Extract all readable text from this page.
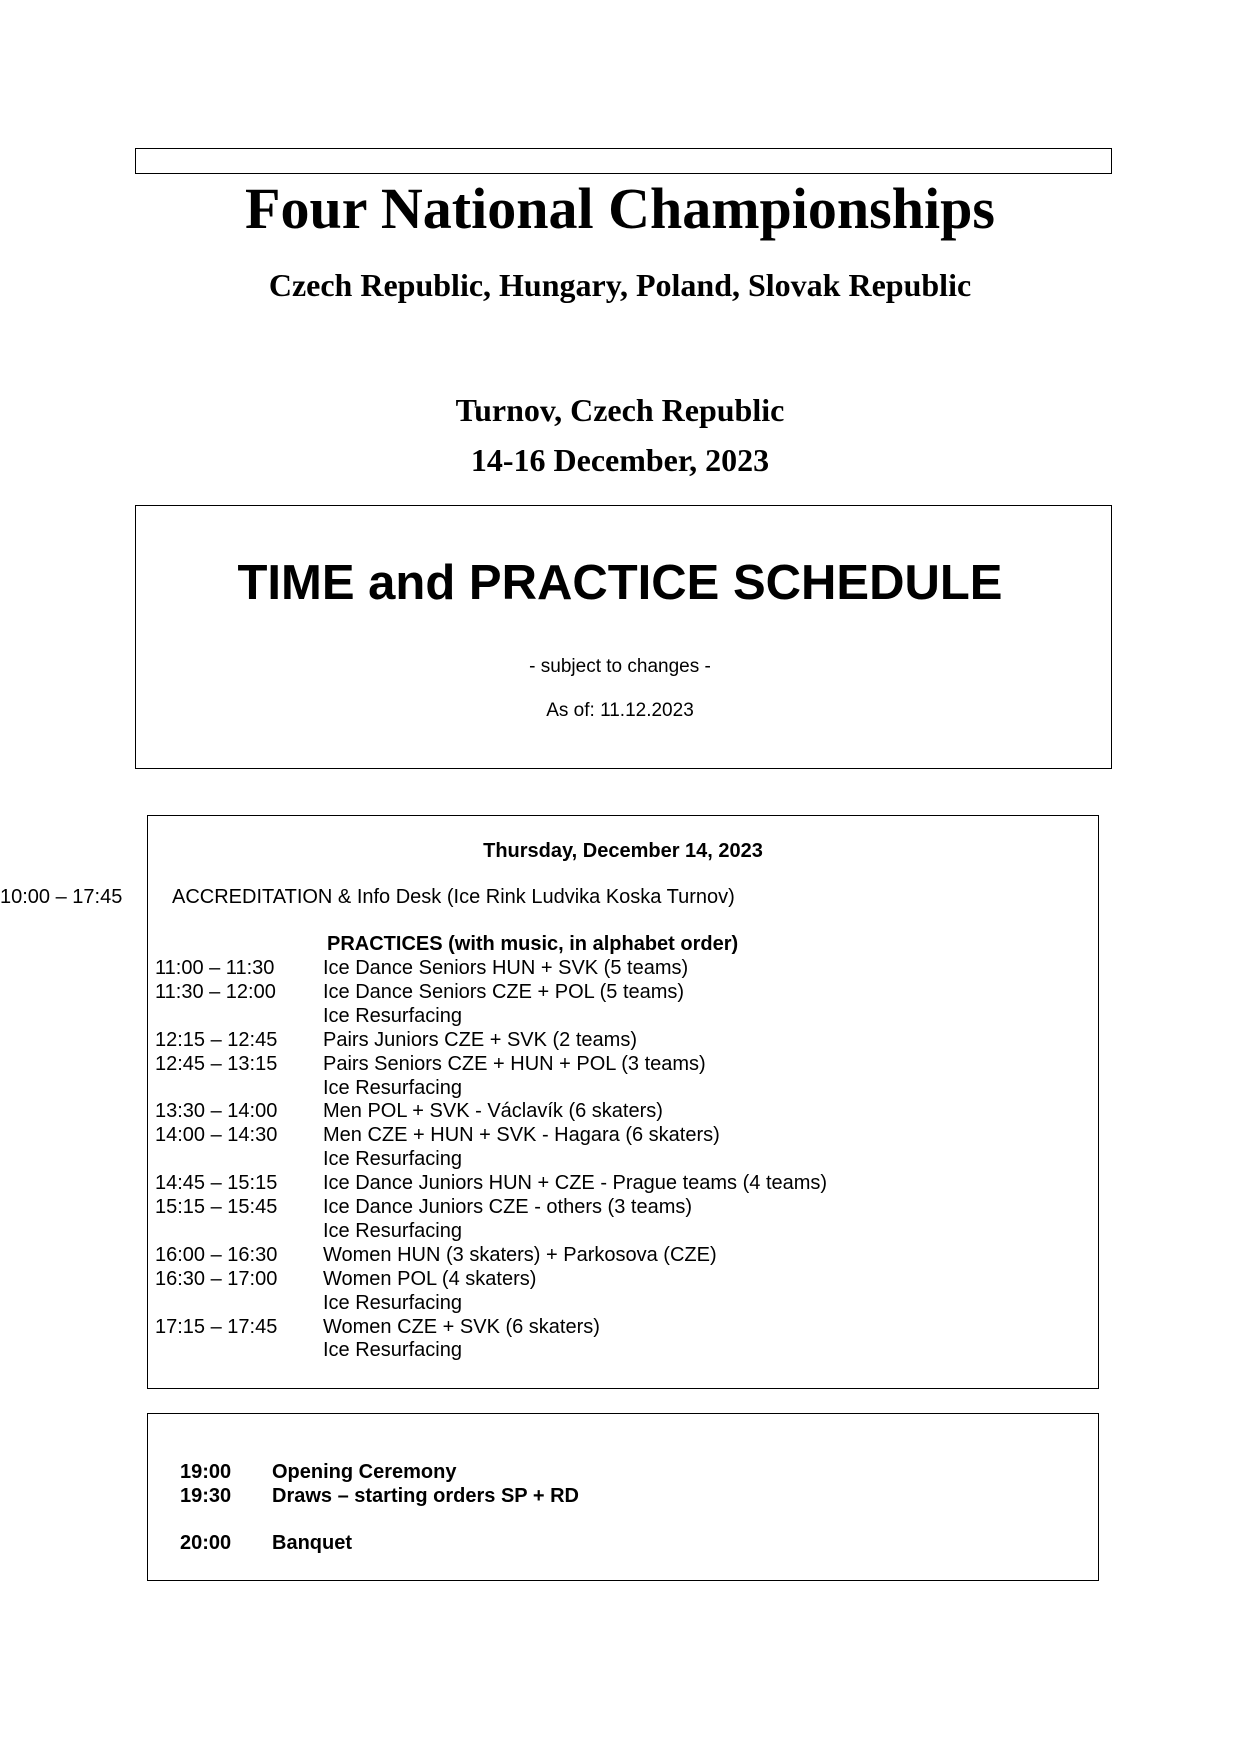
Four National Championships
Czech Republic, Hungary, Poland, Slovak Republic
Turnov, Czech Republic
14-16 December, 2023
TIME and PRACTICE SCHEDULE
- subject to changes -
As of: 11.12.2023
Thursday, December 14, 2023
10:00 – 17:45 ACCREDITATION & Info Desk (Ice Rink Ludvika Koska Turnov)
PRACTICES (with music, in alphabet order)
11:00 – 11:30 Ice Dance Seniors HUN + SVK (5 teams)
11:30 – 12:00 Ice Dance Seniors CZE + POL (5 teams)
Ice Resurfacing
12:15 – 12:45 Pairs Juniors CZE + SVK (2 teams)
12:45 – 13:15 Pairs Seniors CZE + HUN + POL (3 teams)
Ice Resurfacing
13:30 – 14:00 Men POL + SVK - Václavík (6 skaters)
14:00 – 14:30 Men CZE + HUN + SVK - Hagara (6 skaters)
Ice Resurfacing
14:45 – 15:15 Ice Dance Juniors HUN + CZE - Prague teams (4 teams)
15:15 – 15:45 Ice Dance Juniors CZE - others (3 teams)
Ice Resurfacing
16:00 – 16:30 Women HUN (3 skaters) + Parkosova (CZE)
16:30 – 17:00 Women POL (4 skaters)
Ice Resurfacing
17:15 – 17:45 Women CZE + SVK (6 skaters)
Ice Resurfacing
19:00 Opening Ceremony
19:30 Draws – starting orders SP + RD
20:00 Banquet
